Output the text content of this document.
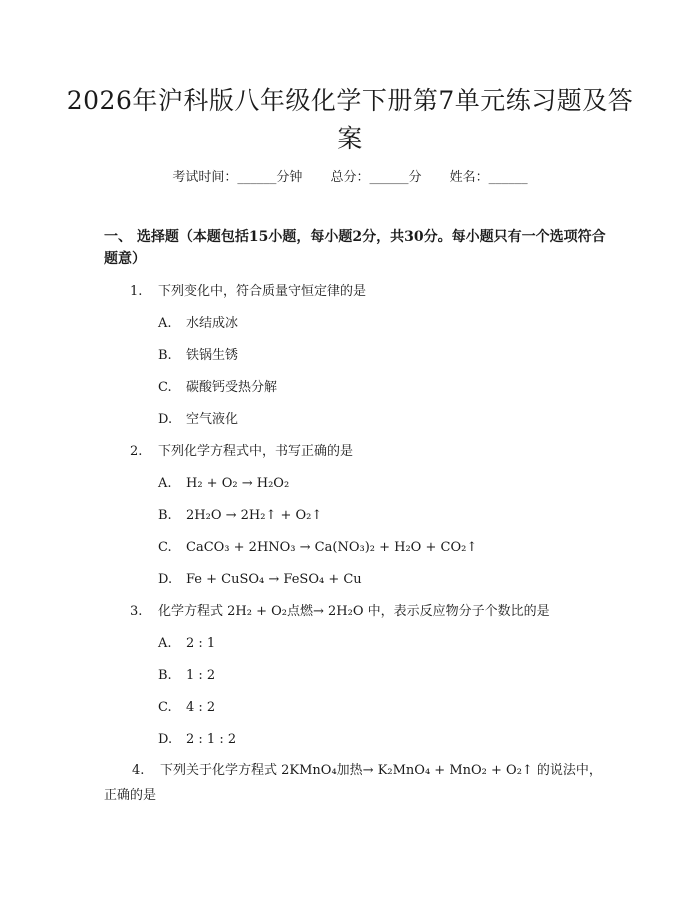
2026年沪科版八年级化学下册第7单元练习题及答案
考试时间：______分钟 总分：______分 姓名：______
一、 选择题（本题包括15小题，每小题2分，共30分。每小题只有一个选项符合题意）
1. 下列变化中，符合质量守恒定律的是
A. 水结成冰
B. 铁锅生锈
C. 碳酸钙受热分解
D. 空气液化
2. 下列化学方程式中，书写正确的是
A. H₂ + O₂ → H₂O₂
B. 2H₂O → 2H₂↑ + O₂↑
C. CaCO₃ + 2HNO₃ → Ca(NO₃)₂ + H₂O + CO₂↑
D. Fe + CuSO₄ → FeSO₄ + Cu
3. 化学方程式 2H₂ + O₂点燃→ 2H₂O 中，表示反应物分子个数比的是
A. 2 : 1
B. 1 : 2
C. 4 : 2
D. 2 : 1 : 2
4. 下列关于化学方程式 2KMnO₄加热→ K₂MnO₄ + MnO₂ + O₂↑ 的说法中，正确的是
